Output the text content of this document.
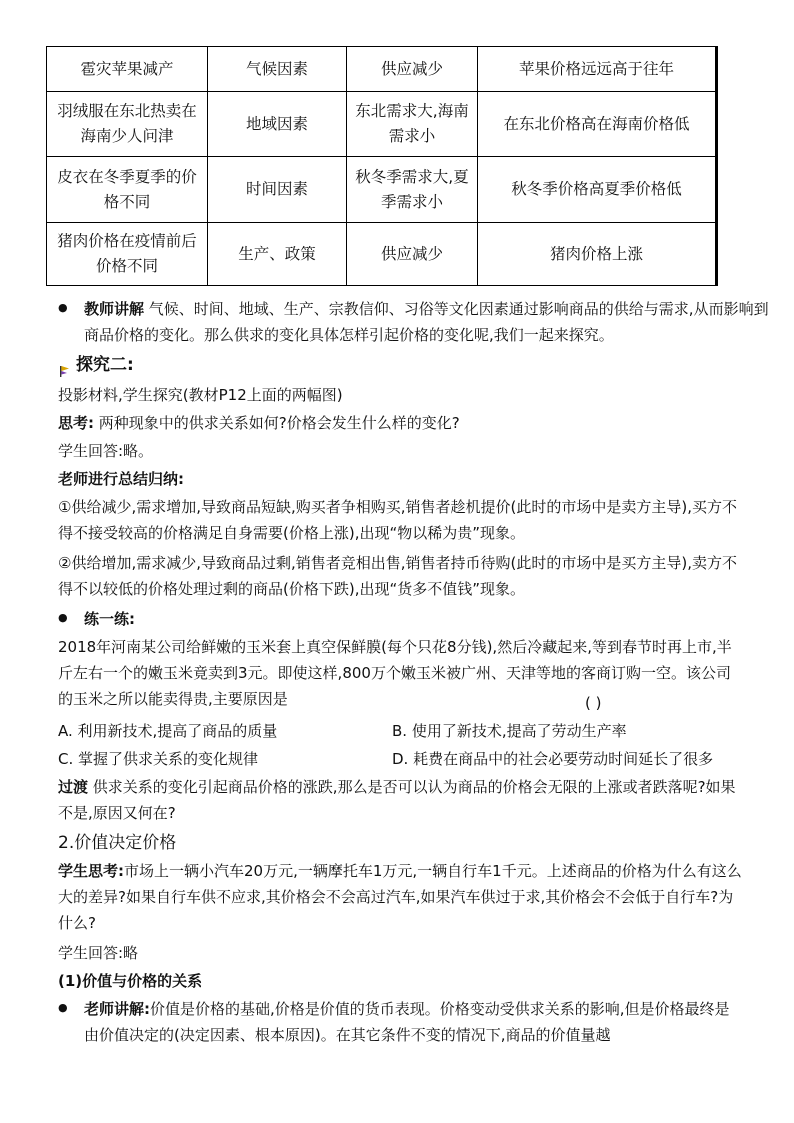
雹灾苹果减产	气候因素	供应减少	苹果价格远远高于往年
羽绒服在东北热卖在海南少人问津	地域因素	东北需求大,海南需求小	在东北价格高在海南价格低
皮衣在冬季夏季的价格不同	时间因素	秋冬季需求大,夏季需求小	秋冬季价格高夏季价格低
猪肉价格在疫情前后价格不同	生产、政策	供应减少	猪肉价格上涨
●	教师讲解 气候、时间、地域、生产、宗教信仰、习俗等文化因素通过影响商品的供给与需求,从而影响到商品价格的变化。那么供求的变化具体怎样引起价格的变化呢,我们一起来探究。
探究二:
投影材料,学生探究(教材P12上面的两幅图)
思考: 两种现象中的供求关系如何?价格会发生什么样的变化?
学生回答:略。
老师进行总结归纳:
①供给减少,需求增加,导致商品短缺,购买者争相购买,销售者趁机提价(此时的市场中是卖方主导),买方不得不接受较高的价格满足自身需要(价格上涨),出现“物以稀为贵”现象。
②供给增加,需求减少,导致商品过剩,销售者竞相出售,销售者持币待购(此时的市场中是买方主导),卖方不得不以较低的价格处理过剩的商品(价格下跌),出现“货多不值钱”现象。
●	练一练:
2018年河南某公司给鲜嫩的玉米套上真空保鲜膜(每个只花8分钱),然后冷藏起来,等到春节时再上市,半斤左右一个的嫩玉米竟卖到3元。即使这样,800万个嫩玉米被广州、天津等地的客商订购一空。该公司的玉米之所以能卖得贵,主要原因是	( )
A. 利用新技术,提高了商品的质量	B. 使用了新技术,提高了劳动生产率
C. 掌握了供求关系的变化规律	D. 耗费在商品中的社会必要劳动时间延长了很多
过渡 供求关系的变化引起商品价格的涨跌,那么是否可以认为商品的价格会无限的上涨或者跌落呢?如果不是,原因又何在?
2.价值决定价格
学生思考:市场上一辆小汽车20万元,一辆摩托车1万元,一辆自行车1千元。上述商品的价格为什么有这么大的差异?如果自行车供不应求,其价格会不会高过汽车,如果汽车供过于求,其价格会不会低于自行车?为什么?
学生回答:略
(1)价值与价格的关系
●	老师讲解:价值是价格的基础,价格是价值的货币表现。价格变动受供求关系的影响,但是价格最终是由价值决定的(决定因素、根本原因)。在其它条件不变的情况下,商品的价值量越
